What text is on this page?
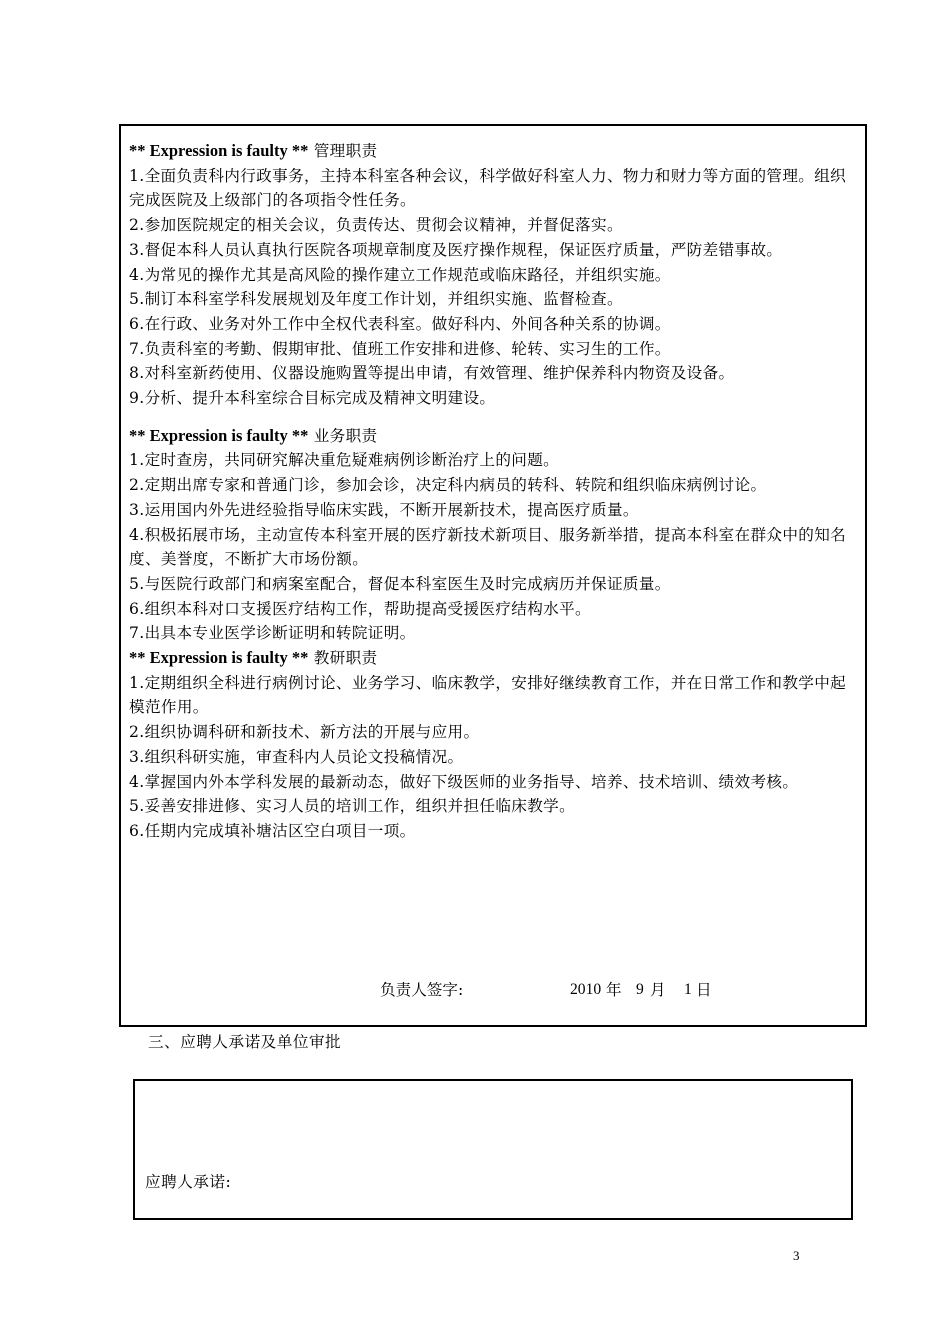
** Expression is faulty ** 管理职责

1.全面负责科内行政事务，主持本科室各种会议，科学做好科室人力、物力和财力等方面的管理。组织完成医院及上级部门的各项指令性任务。

2.参加医院规定的相关会议，负责传达、贯彻会议精神，并督促落实。

3.督促本科人员认真执行医院各项规章制度及医疗操作规程，保证医疗质量，严防差错事故。

4.为常见的操作尤其是高风险的操作建立工作规范或临床路径，并组织实施。

5.制订本科室学科发展规划及年度工作计划，并组织实施、监督检查。

6.在行政、业务对外工作中全权代表科室。做好科内、外间各种关系的协调。

7.负责科室的考勤、假期审批、值班工作安排和进修、轮转、实习生的工作。

8.对科室新药使用、仪器设施购置等提出申请，有效管理、维护保养科内物资及设备。

9.分析、提升本科室综合目标完成及精神文明建设。

** Expression is faulty ** 业务职责

1.定时查房，共同研究解决重危疑难病例诊断治疗上的问题。

2.定期出席专家和普通门诊，参加会诊，决定科内病员的转科、转院和组织临床病例讨论。

3.运用国内外先进经验指导临床实践，不断开展新技术，提高医疗质量。

4.积极拓展市场，主动宣传本科室开展的医疗新技术新项目、服务新举措，提高本科室在群众中的知名度、美誉度，不断扩大市场份额。

5.与医院行政部门和病案室配合，督促本科室医生及时完成病历并保证质量。

6.组织本科对口支援医疗结构工作，帮助提高受援医疗结构水平。

7.出具本专业医学诊断证明和转院证明。

** Expression is faulty ** 教研职责

1.定期组织全科进行病例讨论、业务学习、临床教学，安排好继续教育工作，并在日常工作和教学中起模范作用。

2.组织协调科研和新技术、新方法的开展与应用。

3.组织科研实施，审查科内人员论文投稿情况。

4.掌握国内外本学科发展的最新动态，做好下级医师的业务指导、培养、技术培训、绩效考核。

5.妥善安排进修、实习人员的培训工作，组织并担任临床教学。

6.任期内完成填补塘沽区空白项目一项。

负责人签字:	2010 年 9 月 1 日
三、应聘人承诺及单位审批
应聘人承诺:
3
